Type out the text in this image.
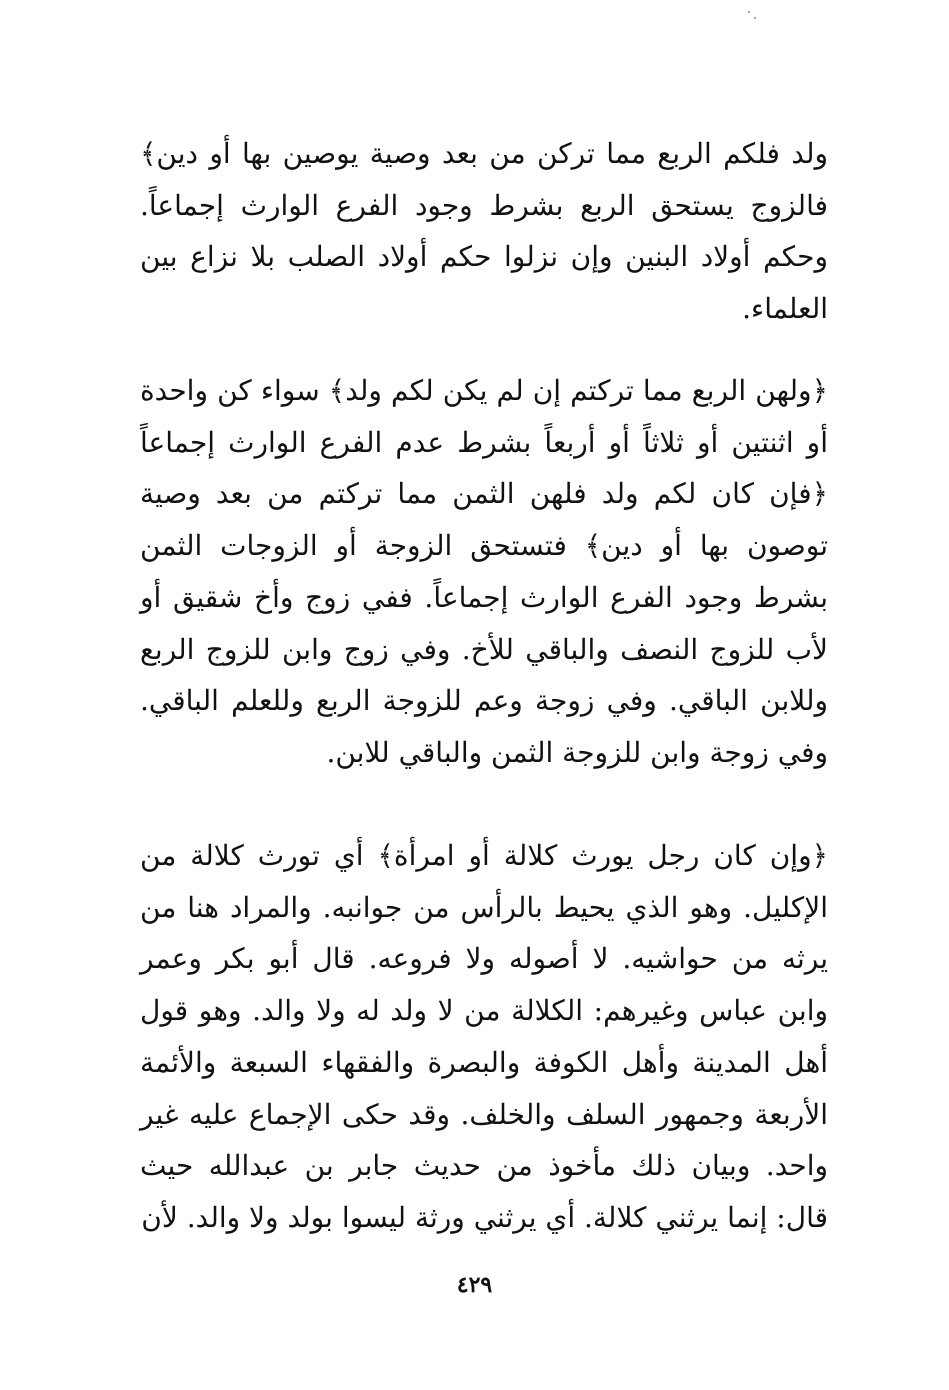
ولد فلكم الربع مما تركن من بعد وصية يوصين بها أو دين﴾ فالزوج يستحق الربع بشرط وجود الفرع الوارث إجماعاً. وحكم أولاد البنين وإن نزلوا حكم أولاد الصلب بلا نزاع بين العلماء.

﴿ولهن الربع مما تركتم إن لم يكن لكم ولد﴾ سواء كن واحدة أو اثنتين أو ثلاثاً أو أربعاً بشرط عدم الفرع الوارث إجماعاً ﴿فإن كان لكم ولد فلهن الثمن مما تركتم من بعد وصية توصون بها أو دين﴾ فتستحق الزوجة أو الزوجات الثمن بشرط وجود الفرع الوارث إجماعاً. ففي زوج وأخ شقيق أو لأب للزوج النصف والباقي للأخ. وفي زوج وابن للزوج الربع وللابن الباقي. وفي زوجة وعم للزوجة الربع وللعلم الباقي. وفي زوجة وابن للزوجة الثمن والباقي للابن.

﴿وإن كان رجل يورث كلالة أو امرأة﴾ أي تورث كلالة من الإكليل. وهو الذي يحيط بالرأس من جوانبه. والمراد هنا من يرثه من حواشيه. لا أصوله ولا فروعه. قال أبو بكر وعمر وابن عباس وغيرهم: الكلالة من لا ولد له ولا والد. وهو قول أهل المدينة وأهل الكوفة والبصرة والفقهاء السبعة والأئمة الأربعة وجمهور السلف والخلف. وقد حكى الإجماع عليه غير واحد. وبيان ذلك مأخوذ من حديث جابر بن عبدالله حيث قال: إنما يرثني كلالة. أي يرثني ورثة ليسوا بولد ولا والد. لأن

٤٢٩
